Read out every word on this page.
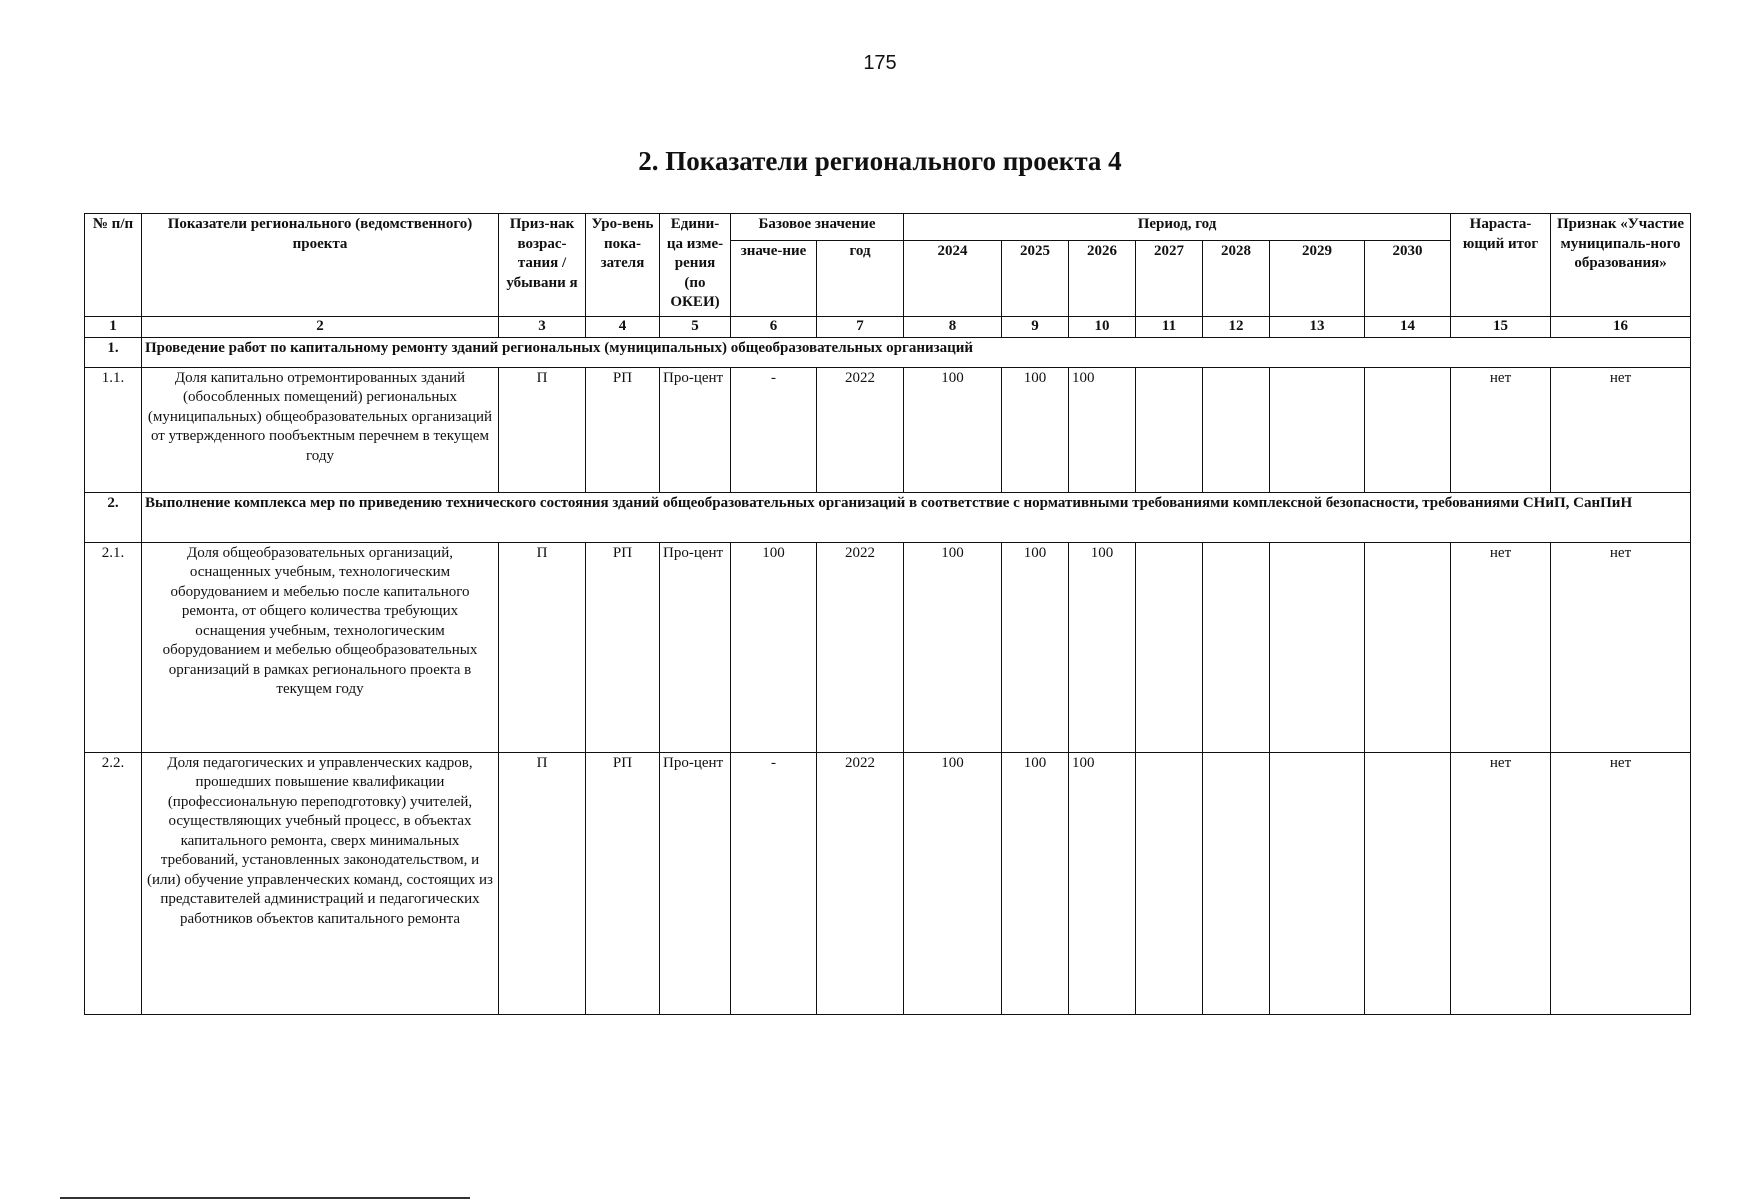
175
2. Показатели регионального проекта 4
№ п/п	Показатели регионального (ведомственного) проекта	Приз-нак возрас-тания / убывани я	Уро-вень пока-зателя	Едини-ца изме-рения (по ОКЕИ)	Базовое значение		Период, год							Нараста-ющий итог	Признак «Участие муниципаль-ного образования»
					значе-ние	год	2024	2025	2026	2027	2028	2029	2030		
1	2	3	4	5	6	7	8	9	10	11	12	13	14	15	16
1.	Проведение работ по капитальному ремонту зданий региональных (муниципальных) общеобразовательных организаций														
1.1.	Доля капитально отремонтированных зданий (обособленных помещений) региональных (муниципальных) общеобразовательных организаций от утвержденного пообъектным перечнем в текущем году	П	РП	Про-цент	-	2022	100	100	100					нет	нет
2.	Выполнение комплекса мер по приведению технического состояния зданий общеобразовательных организаций в соответствие с нормативными требованиями комплексной безопасности, требованиями СНиП, СанПиН														
2.1.	Доля общеобразовательных организаций, оснащенных учебным, технологическим оборудованием и мебелью после капитального ремонта, от общего количества требующих оснащения учебным, технологическим оборудованием и мебелью общеобразовательных организаций в рамках регионального проекта в текущем году	П	РП	Про-цент	100	2022	100	100	100					нет	нет
2.2.	Доля педагогических и управленческих кадров, прошедших повышение квалификации (профессиональную переподготовку) учителей, осуществляющих учебный процесс, в объектах капитального ремонта, сверх минимальных требований, установленных законодательством, и (или) обучение управленческих команд, состоящих из представителей администраций и педагогических работников объектов капитального ремонта	П	РП	Про-цент	-	2022	100	100	100					нет	нет
